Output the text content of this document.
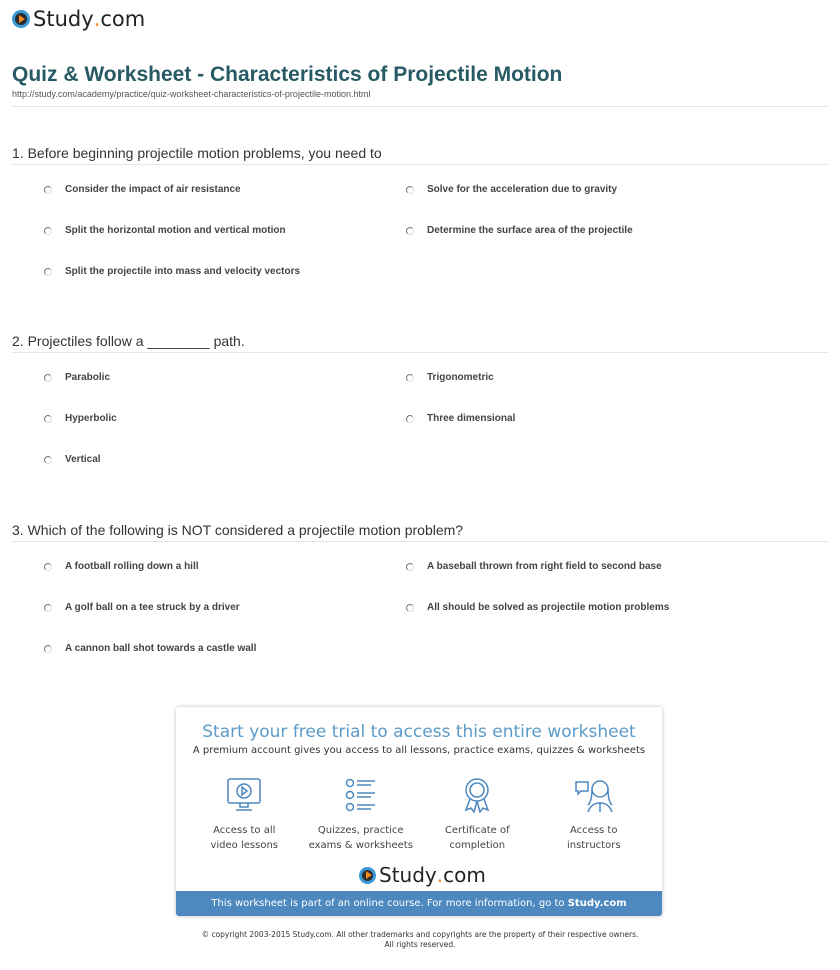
Study . com
Quiz & Worksheet - Characteristics of Projectile Motion
http://study.com/academy/practice/quiz-worksheet-characteristics-of-projectile-motion.html
1. Before beginning projectile motion problems, you need to
Consider the impact of air resistance	Solve for the acceleration due to gravity
Split the horizontal motion and vertical motion	Determine the surface area of the projectile
Split the projectile into mass and velocity vectors
2. Projectiles follow a ________ path.
Parabolic	Trigonometric
Hyperbolic	Three dimensional
Vertical
3. Which of the following is NOT considered a projectile motion problem?
A football rolling down a hill	A baseball thrown from right field to second base
A golf ball on a tee struck by a driver	All should be solved as projectile motion problems
A cannon ball shot towards a castle wall
Start your free trial to access this entire worksheet
A premium account gives you access to all lessons, practice exams, quizzes & worksheets
Access to all
video lessons
Quizzes, practice
exams & worksheets
Certificate of
completion
Access to
instructors
Study . com
This worksheet is part of an online course. For more information, go to Study.com
© copyright 2003-2015 Study.com. All other trademarks and copyrights are the property of their respective owners.
All rights reserved.
